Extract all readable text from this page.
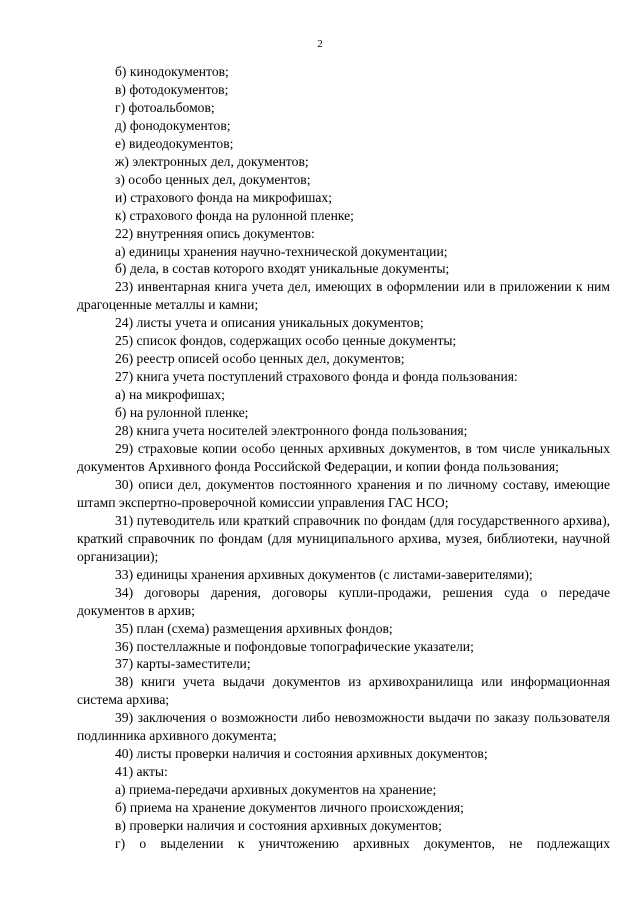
2

б) кинодокументов;

в) фотодокументов;

г) фотоальбомов;

д) фонодокументов;

е) видеодокументов;

ж) электронных дел, документов;

з) особо ценных дел, документов;

и) страхового фонда на микрофишах;

к) страхового фонда на рулонной пленке;

22) внутренняя опись документов:

а) единицы хранения научно-технической документации;

б) дела, в состав которого входят уникальные документы;

23) инвентарная книга учета дел, имеющих в оформлении или в приложении к ним драгоценные металлы и камни;

24) листы учета и описания уникальных документов;

25) список фондов, содержащих особо ценные документы;

26) реестр описей особо ценных дел, документов;

27) книга учета поступлений страхового фонда и фонда пользования:

а) на микрофишах;

б) на рулонной пленке;

28) книга учета носителей электронного фонда пользования;

29) страховые копии особо ценных архивных документов, в том числе уникальных документов Архивного фонда Российской Федерации, и копии фонда пользования;

30) описи дел, документов постоянного хранения и по личному составу, имеющие штамп экспертно-проверочной комиссии управления ГАС НСО;

31) путеводитель или краткий справочник по фондам (для государственного архива), краткий справочник по фондам (для муниципального архива, музея, библиотеки, научной организации);

33) единицы хранения архивных документов (с листами-заверителями);

34) договоры дарения, договоры купли-продажи, решения суда о передаче документов в архив;

35) план (схема) размещения архивных фондов;

36) постеллажные и пофондовые топографические указатели;

37) карты-заместители;

38) книги учета выдачи документов из архивохранилища или информационная система архива;

39) заключения о возможности либо невозможности выдачи по заказу пользователя подлинника архивного документа;

40) листы проверки наличия и состояния архивных документов;

41) акты:

а) приема-передачи архивных документов на хранение;

б) приема на хранение документов личного происхождения;

в) проверки наличия и состояния архивных документов;

г) о выделении к уничтожению архивных документов, не подлежащих
